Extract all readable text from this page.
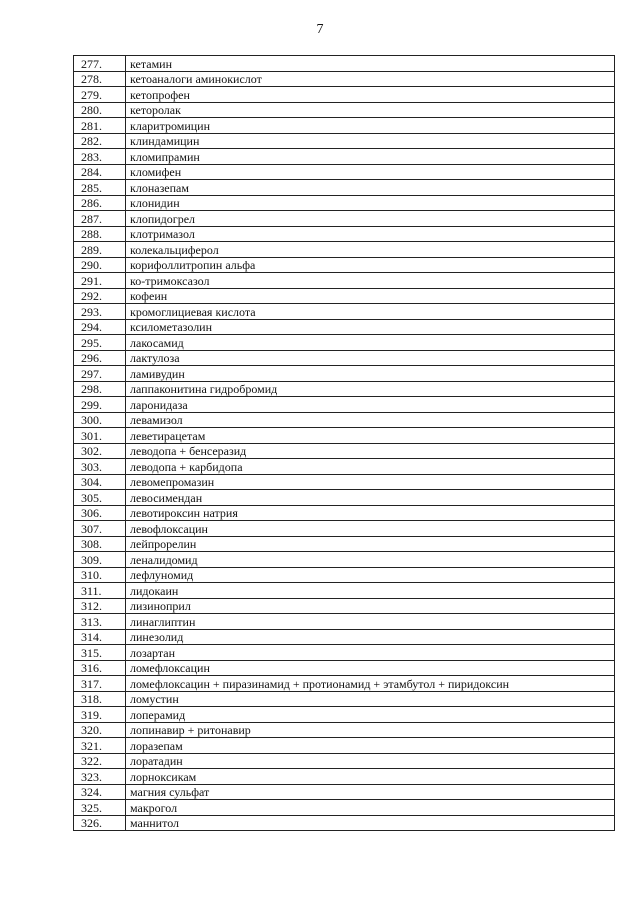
7
277.	кетамин
278.	кетоаналоги аминокислот
279.	кетопрофен
280.	кеторолак
281.	кларитромицин
282.	клиндамицин
283.	кломипрамин
284.	кломифен
285.	клоназепам
286.	клонидин
287.	клопидогрел
288.	клотримазол
289.	колекальциферол
290.	корифоллитропин альфа
291.	ко-тримоксазол
292.	кофеин
293.	кромоглициевая кислота
294.	ксилометазолин
295.	лакосамид
296.	лактулоза
297.	ламивудин
298.	лаппаконитина гидробромид
299.	ларонидаза
300.	левамизол
301.	леветирацетам
302.	леводопа + бенсеразид
303.	леводопа + карбидопа
304.	левомепромазин
305.	левосимендан
306.	левотироксин натрия
307.	левофлоксацин
308.	лейпрорелин
309.	леналидомид
310.	лефлуномид
311.	лидокаин
312.	лизиноприл
313.	линаглиптин
314.	линезолид
315.	лозартан
316.	ломефлоксацин
317.	ломефлоксацин + пиразинамид + протионамид + этамбутол + пиридоксин
318.	ломустин
319.	лоперамид
320.	лопинавир + ритонавир
321.	лоразепам
322.	лоратадин
323.	лорноксикам
324.	магния сульфат
325.	макрогол
326.	маннитол
